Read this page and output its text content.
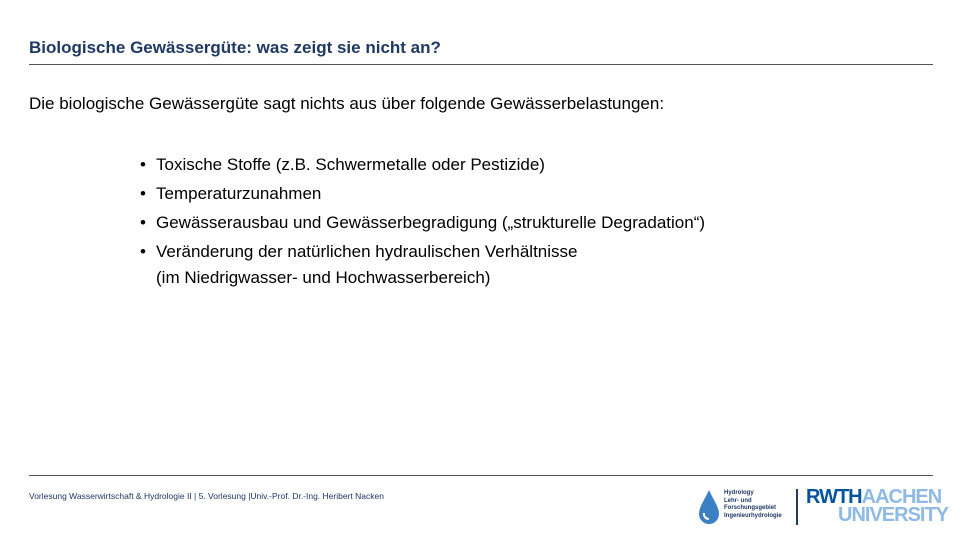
Biologische Gewässergüte: was zeigt sie nicht an?
Die biologische Gewässergüte sagt nichts aus über folgende Gewässerbelastungen:
• Toxische Stoffe (z.B. Schwermetalle oder Pestizide)
• Temperaturzunahmen
• Gewässerausbau und Gewässerbegradigung („strukturelle Degradation“)
• Veränderung der natürlichen hydraulischen Verhältnisse
(im Niedrigwasser- und Hochwasserbereich)
Vorlesung Wasserwirtschaft & Hydrologie II | 5. Vorlesung |Univ.-Prof. Dr.-Ing. Heribert Nacken	Hydrology
Lehr- und
Forschungsgebiet
Ingenieurhydrologie
RWTHAACHEN
UNIVERSITY
